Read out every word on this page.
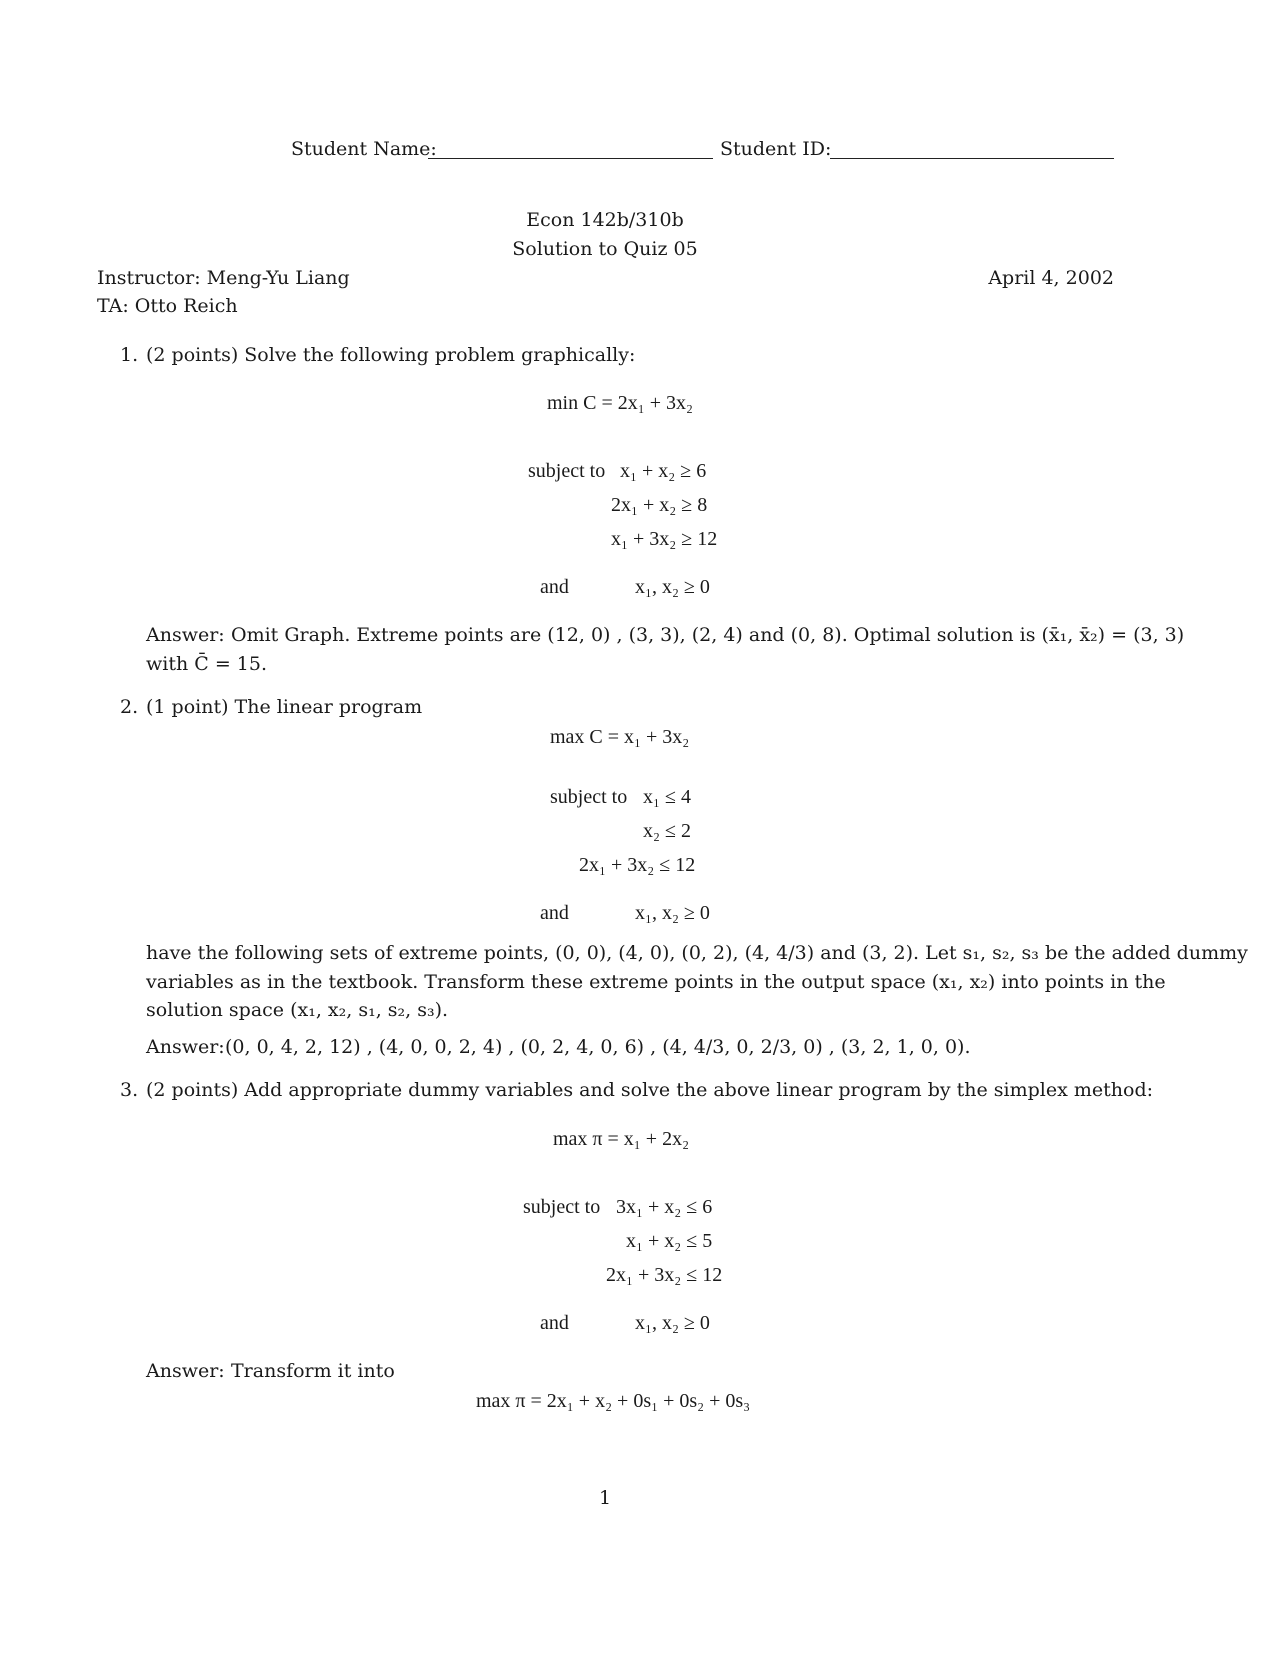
Student Name:	Student ID:
Econ 142b/310b
Solution to Quiz 05
Instructor: Meng-Yu Liang
TA: Otto Reich
April 4, 2002
1. (2 points) Solve the following problem graphically:
min C = 2x₁ + 3x₂
subject to x₁ + x₂ ≥ 6
2x₁ + x₂ ≥ 8
x₁ + 3x₂ ≥ 12
and	x₁, x₂ ≥ 0
Answer: Omit Graph. Extreme points are (12, 0) , (3, 3), (2, 4) and (0, 8). Optimal solution is (x̄₁, x̄₂) = (3, 3)
with C̄ = 15.
2. (1 point) The linear program
max C = x₁ + 3x₂
subject to x₁ ≤ 4
x₂ ≤ 2
2x₁ + 3x₂ ≤ 12
and	x₁, x₂ ≥ 0
have the following sets of extreme points, (0, 0), (4, 0), (0, 2), (4, 4/3) and (3, 2). Let s₁, s₂, s₃ be the added dummy
variables as in the textbook. Transform these extreme points in the output space (x₁, x₂) into points in the
solution space (x₁, x₂, s₁, s₂, s₃).
Answer: (0, 0, 4, 2, 12) , (4, 0, 0, 2, 4) , (0, 2, 4, 0, 6) , (4, 4/3, 0, 2/3, 0) , (3, 2, 1, 0, 0).
3. (2 points) Add appropriate dummy variables and solve the above linear program by the simplex method:
max π = x₁ + 2x₂
subject to 3x₁ + x₂ ≤ 6
x₁ + x₂ ≤ 5
2x₁ + 3x₂ ≤ 12
and	x₁, x₂ ≥ 0
Answer: Transform it into
max π = 2x₁ + x₂ + 0s₁ + 0s₂ + 0s₃
1
